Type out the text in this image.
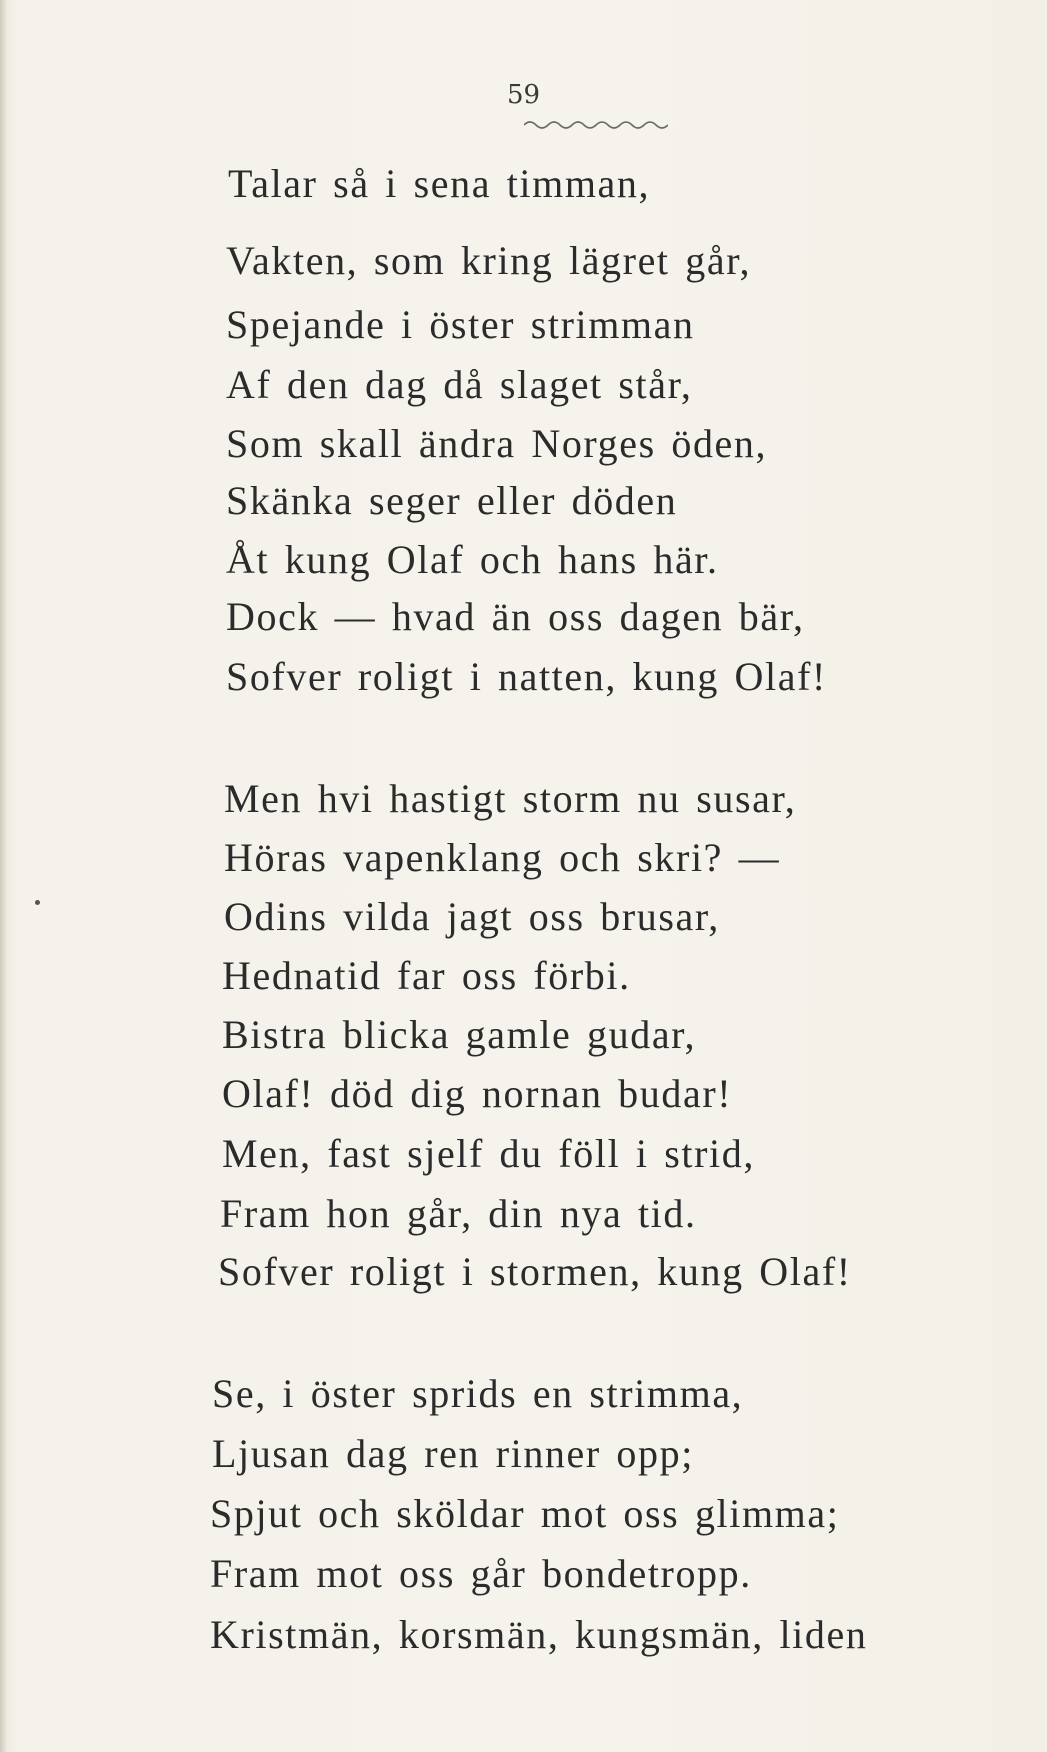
59
Talar så i sena timman,
Vakten, som kring lägret går,
Spejande i öster strimman
Af den dag då slaget står,
Som skall ändra Norges öden,
Skänka seger eller döden
Åt kung Olaf och hans här.
Dock — hvad än oss dagen bär,
Sofver roligt i natten, kung Olaf!
Men hvi hastigt storm nu susar,
Höras vapenklang och skri? —
Odins vilda jagt oss brusar,
Hednatid far oss förbi.
Bistra blicka gamle gudar,
Olaf! död dig nornan budar!
Men, fast sjelf du föll i strid,
Fram hon går, din nya tid.
Sofver roligt i stormen, kung Olaf!
Se, i öster sprids en strimma,
Ljusan dag ren rinner opp;
Spjut och sköldar mot oss glimma;
Fram mot oss går bondetropp.
Kristmän, korsmän, kungsmän, liden
